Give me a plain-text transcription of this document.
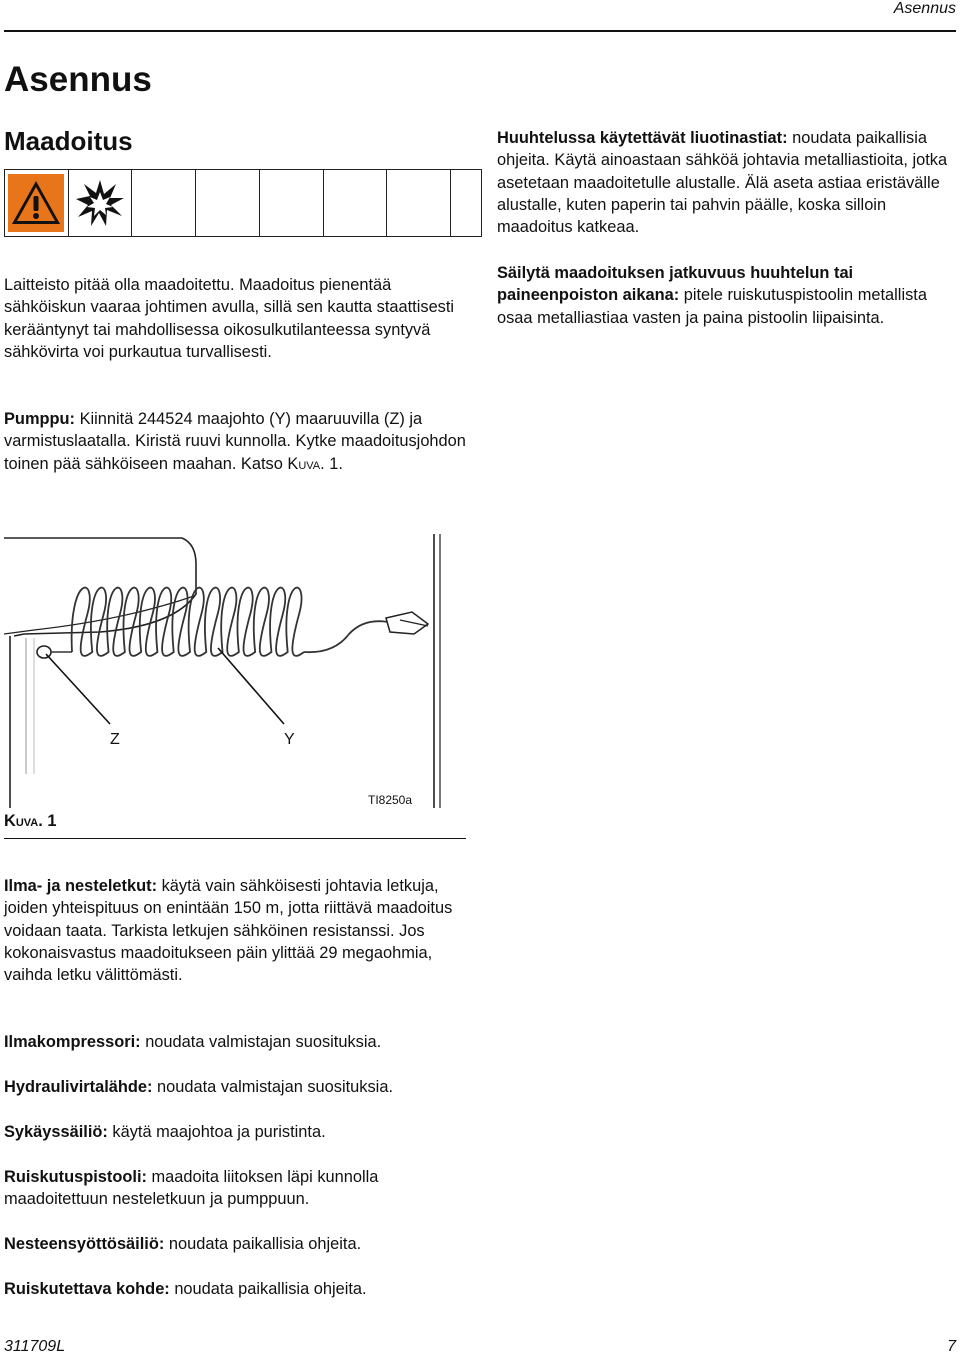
Asennus
Asennus
Maadoitus

Laitteisto pitää olla maadoitettu. Maadoitus pienentää sähköiskun vaaraa johtimen avulla, sillä sen kautta staattisesti kerääntynyt tai mahdollisessa oikosulkutilanteessa syntyvä sähkövirta voi purkautua turvallisesti.

Pumppu: Kiinnitä 244524 maajohto (Y) maaruuvilla (Z) ja varmistuslaatalla. Kiristä ruuvi kunnolla. Kytke maadoitusjohdon toinen pää sähköiseen maahan. Katso Kuva. 1.

Z	Y
TI8250a
Kuva. 1

Huuhtelussa käytettävät liuotinastiat: noudata paikallisia ohjeita. Käytä ainoastaan sähköä johtavia metalliastioita, jotka asetetaan maadoitetulle alustalle. Älä aseta astiaa eristävälle alustalle, kuten paperin tai pahvin päälle, koska silloin maadoitus katkeaa.

Säilytä maadoituksen jatkuvuus huuhtelun tai paineenpoiston aikana: pitele ruiskutuspistoolin metallista osaa metalliastiaa vasten ja paina pistoolin liipaisinta.

Ilma- ja nesteletkut: käytä vain sähköisesti johtavia letkuja, joiden yhteispituus on enintään 150 m, jotta riittävä maadoitus voidaan taata. Tarkista letkujen sähköinen resistanssi. Jos kokonaisvastus maadoitukseen päin ylittää 29 megaohmia, vaihda letku välittömästi.

Ilmakompressori: noudata valmistajan suosituksia.

Hydraulivirtalähde: noudata valmistajan suosituksia.

Sykäyssäiliö: käytä maajohtoa ja puristinta.

Ruiskutuspistooli: maadoita liitoksen läpi kunnolla maadoitettuun nesteletkuun ja pumppuun.

Nesteensyöttösäiliö: noudata paikallisia ohjeita.

Ruiskutettava kohde: noudata paikallisia ohjeita.

311709L	7
